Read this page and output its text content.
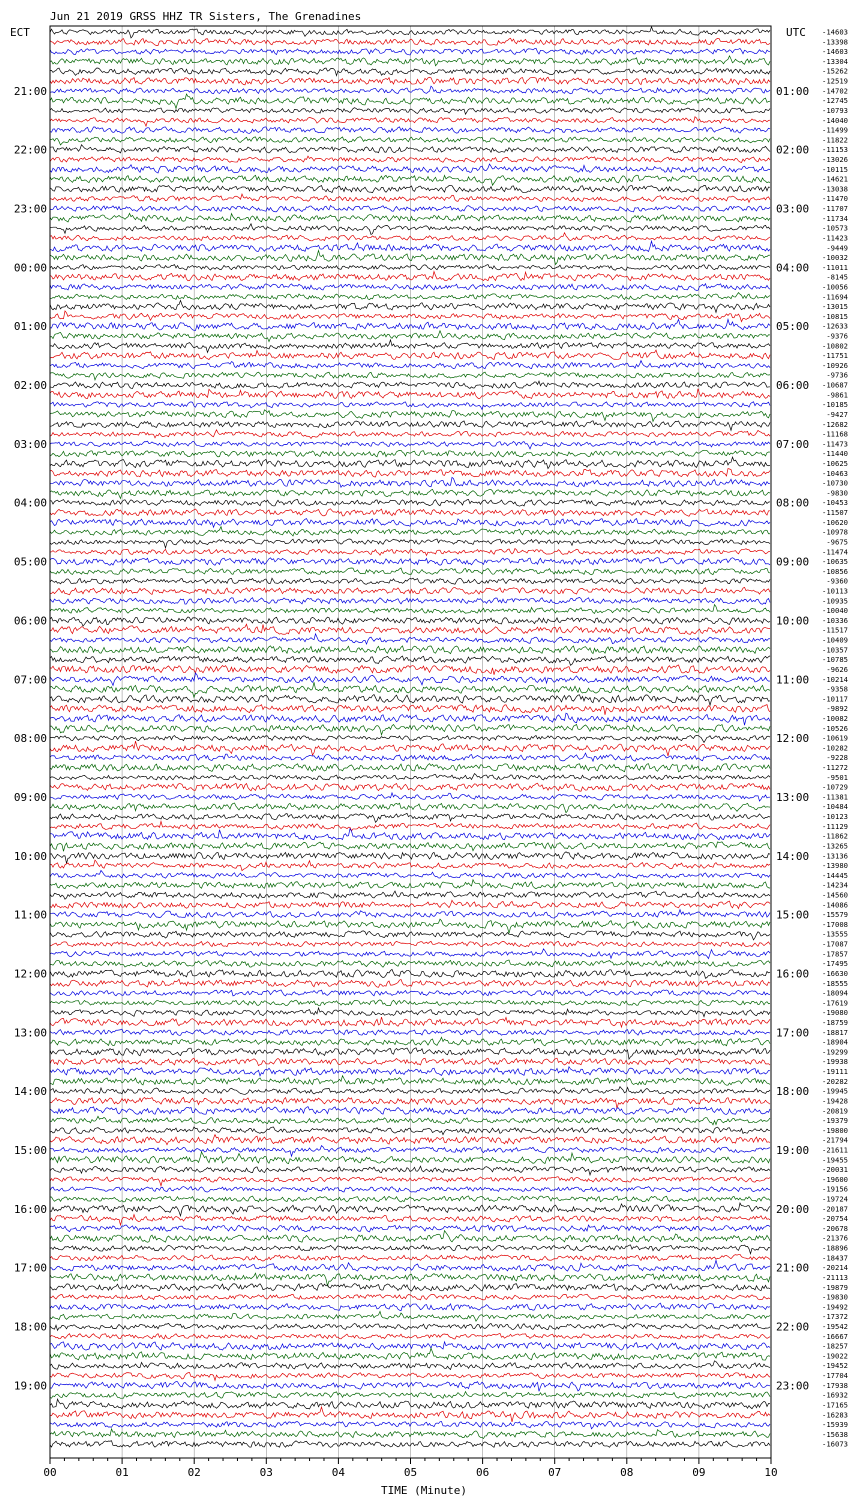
Jun 21 2019 GRSS HHZ TR Sisters, The Grenadines
ECT	UTC
TIME (Minute)
21:00
22:00
23:00
00:00
01:00
02:00
03:00
04:00
05:00
06:00
07:00
08:00
09:00
10:00
11:00
12:00
13:00
14:00
15:00
16:00
17:00
18:00
19:00
01:00
02:00
03:00
04:00
05:00
06:00
07:00
08:00
09:00
10:00
11:00
12:00
13:00
14:00
15:00
16:00
17:00
18:00
19:00
20:00
21:00
22:00
23:00
-14603
-13398
-14603
-13304
-15262
-12519
-14702
-12745
-10793
-14040
-11499
-11822
-11153
-13026
-10115
-14621
-13038
-11470
-11707
-11734
-10573
-11423
-9449
-10032
-11011
-8145
-10056
-11694
-13015
-10815
-12633
-9376
-10802
-11751
-10926
-9736
-10687
-9861
-10185
-9427
-12682
-11168
-11473
-11440
-10625
-10463
-10730
-9830
-10453
-11507
-10620
-10978
-9675
-11474
-10635
-10856
-9360
-10113
-10935
-10040
-10336
-11517
-10409
-10357
-10785
-9626
-10214
-9358
-10117
-9892
-10082
-10526
-10619
-10282
-9228
-11272
-9501
-10729
-11381
-10484
-10123
-11129
-11862
-13265
-13136
-13980
-14445
-14234
-14560
-14086
-15579
-17008
-13555
-17087
-17857
-17495
-16630
-18555
-18094
-17619
-19080
-18759
-18817
-18904
-19299
-19938
-19111
-20282
-19945
-19428
-20819
-19379
-19800
-21794
-21611
-19455
-20031
-19600
-19156
-19724
-20187
-20754
-20678
-21376
-18896
-18437
-20214
-21113
-19879
-19830
-19492
-17372
-19542
-16667
-18257
-19022
-19452
-17704
-17938
-16932
-17165
-16283
-15939
-15638
-16073
00	01	02	03	04	05	06	07	08	09	10
